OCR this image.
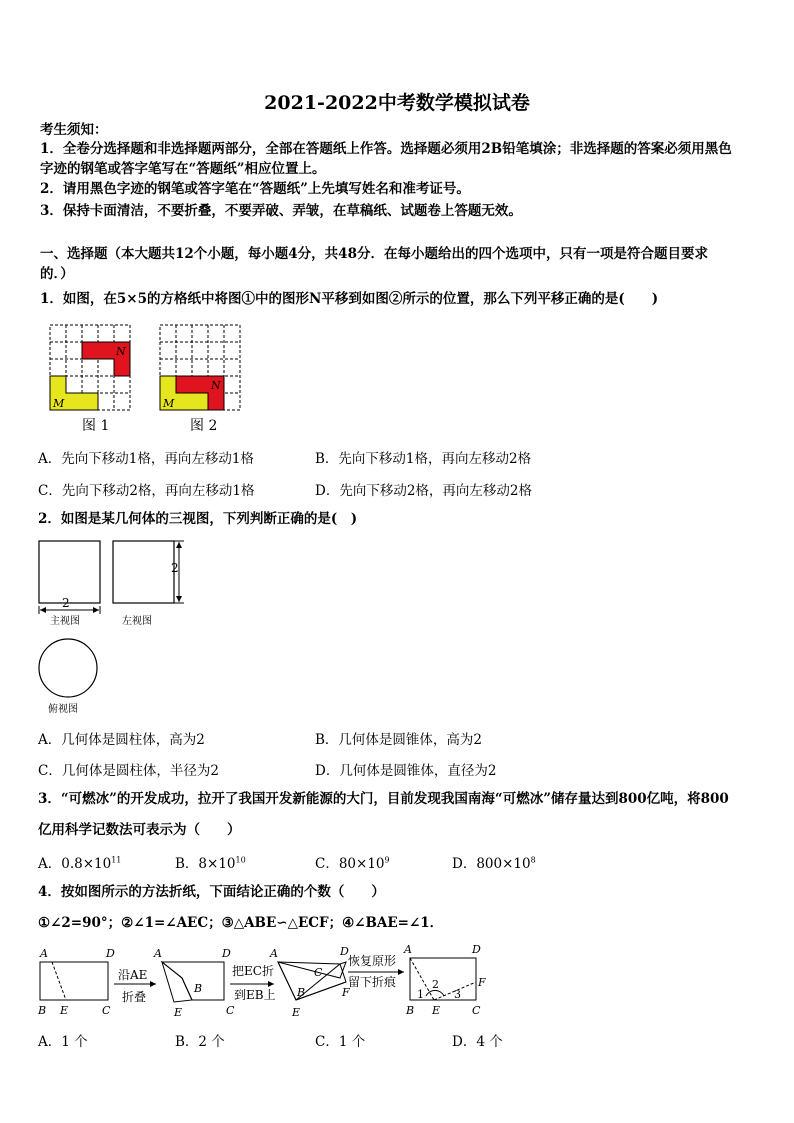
2021-2022中考数学模拟试卷
考生须知：
1．全卷分选择题和非选择题两部分，全部在答题纸上作答。选择题必须用2B铅笔填涂；非选择题的答案必须用黑色
字迹的钢笔或答字笔写在“答题纸”相应位置上。
2．请用黑色字迹的钢笔或答字笔在“答题纸”上先填写姓名和准考证号。
3．保持卡面清洁，不要折叠，不要弄破、弄皱，在草稿纸、试题卷上答题无效。
一、选择题（本大题共12个小题，每小题4分，共48分．在每小题给出的四个选项中，只有一项是符合题目要求
的．）
1．如图，在5×5的方格纸中将图①中的图形N平移到如图②所示的位置，那么下列平移正确的是(　　)
N
M
图 1
N
M
图 2
A．先向下移动1格，再向左移动1格	B．先向下移动1格，再向左移动2格
C．先向下移动2格，再向左移动1格	D．先向下移动2格，再向左移动2格
2．如图是某几何体的三视图，下列判断正确的是(　)
2
主视图
2
左视图
俯视图
A．几何体是圆柱体，高为2	B．几何体是圆锥体，高为2
C．几何体是圆柱体，半径为2	D．几何体是圆锥体，直径为2
3．“可燃冰”的开发成功，拉开了我国开发新能源的大门，目前发现我国南海“可燃冰”储存量达到800亿吨，将800
亿用科学记数法可表示为（　　）
A．$0.8\times 10^{11}$	B．$8\times 10^{10}$	C．$80\times 10^9$	D．$800\times 10^8$
4．按如图所示的方法折纸，下面结论正确的个数（　　）
①∠2=90°；②∠1=∠AEC；③△ABE∽△ECF；④∠BAE=∠1．
A	D
B E	C
沿AE
折叠
A	D
B
E	C
把EC折
到EB上
A	D
C
B	F
E
恢复原形
留下折痕
A	D
F
B E	C
1
2
3
A．1 个	B．2 个	C．1 个	D．4 个
